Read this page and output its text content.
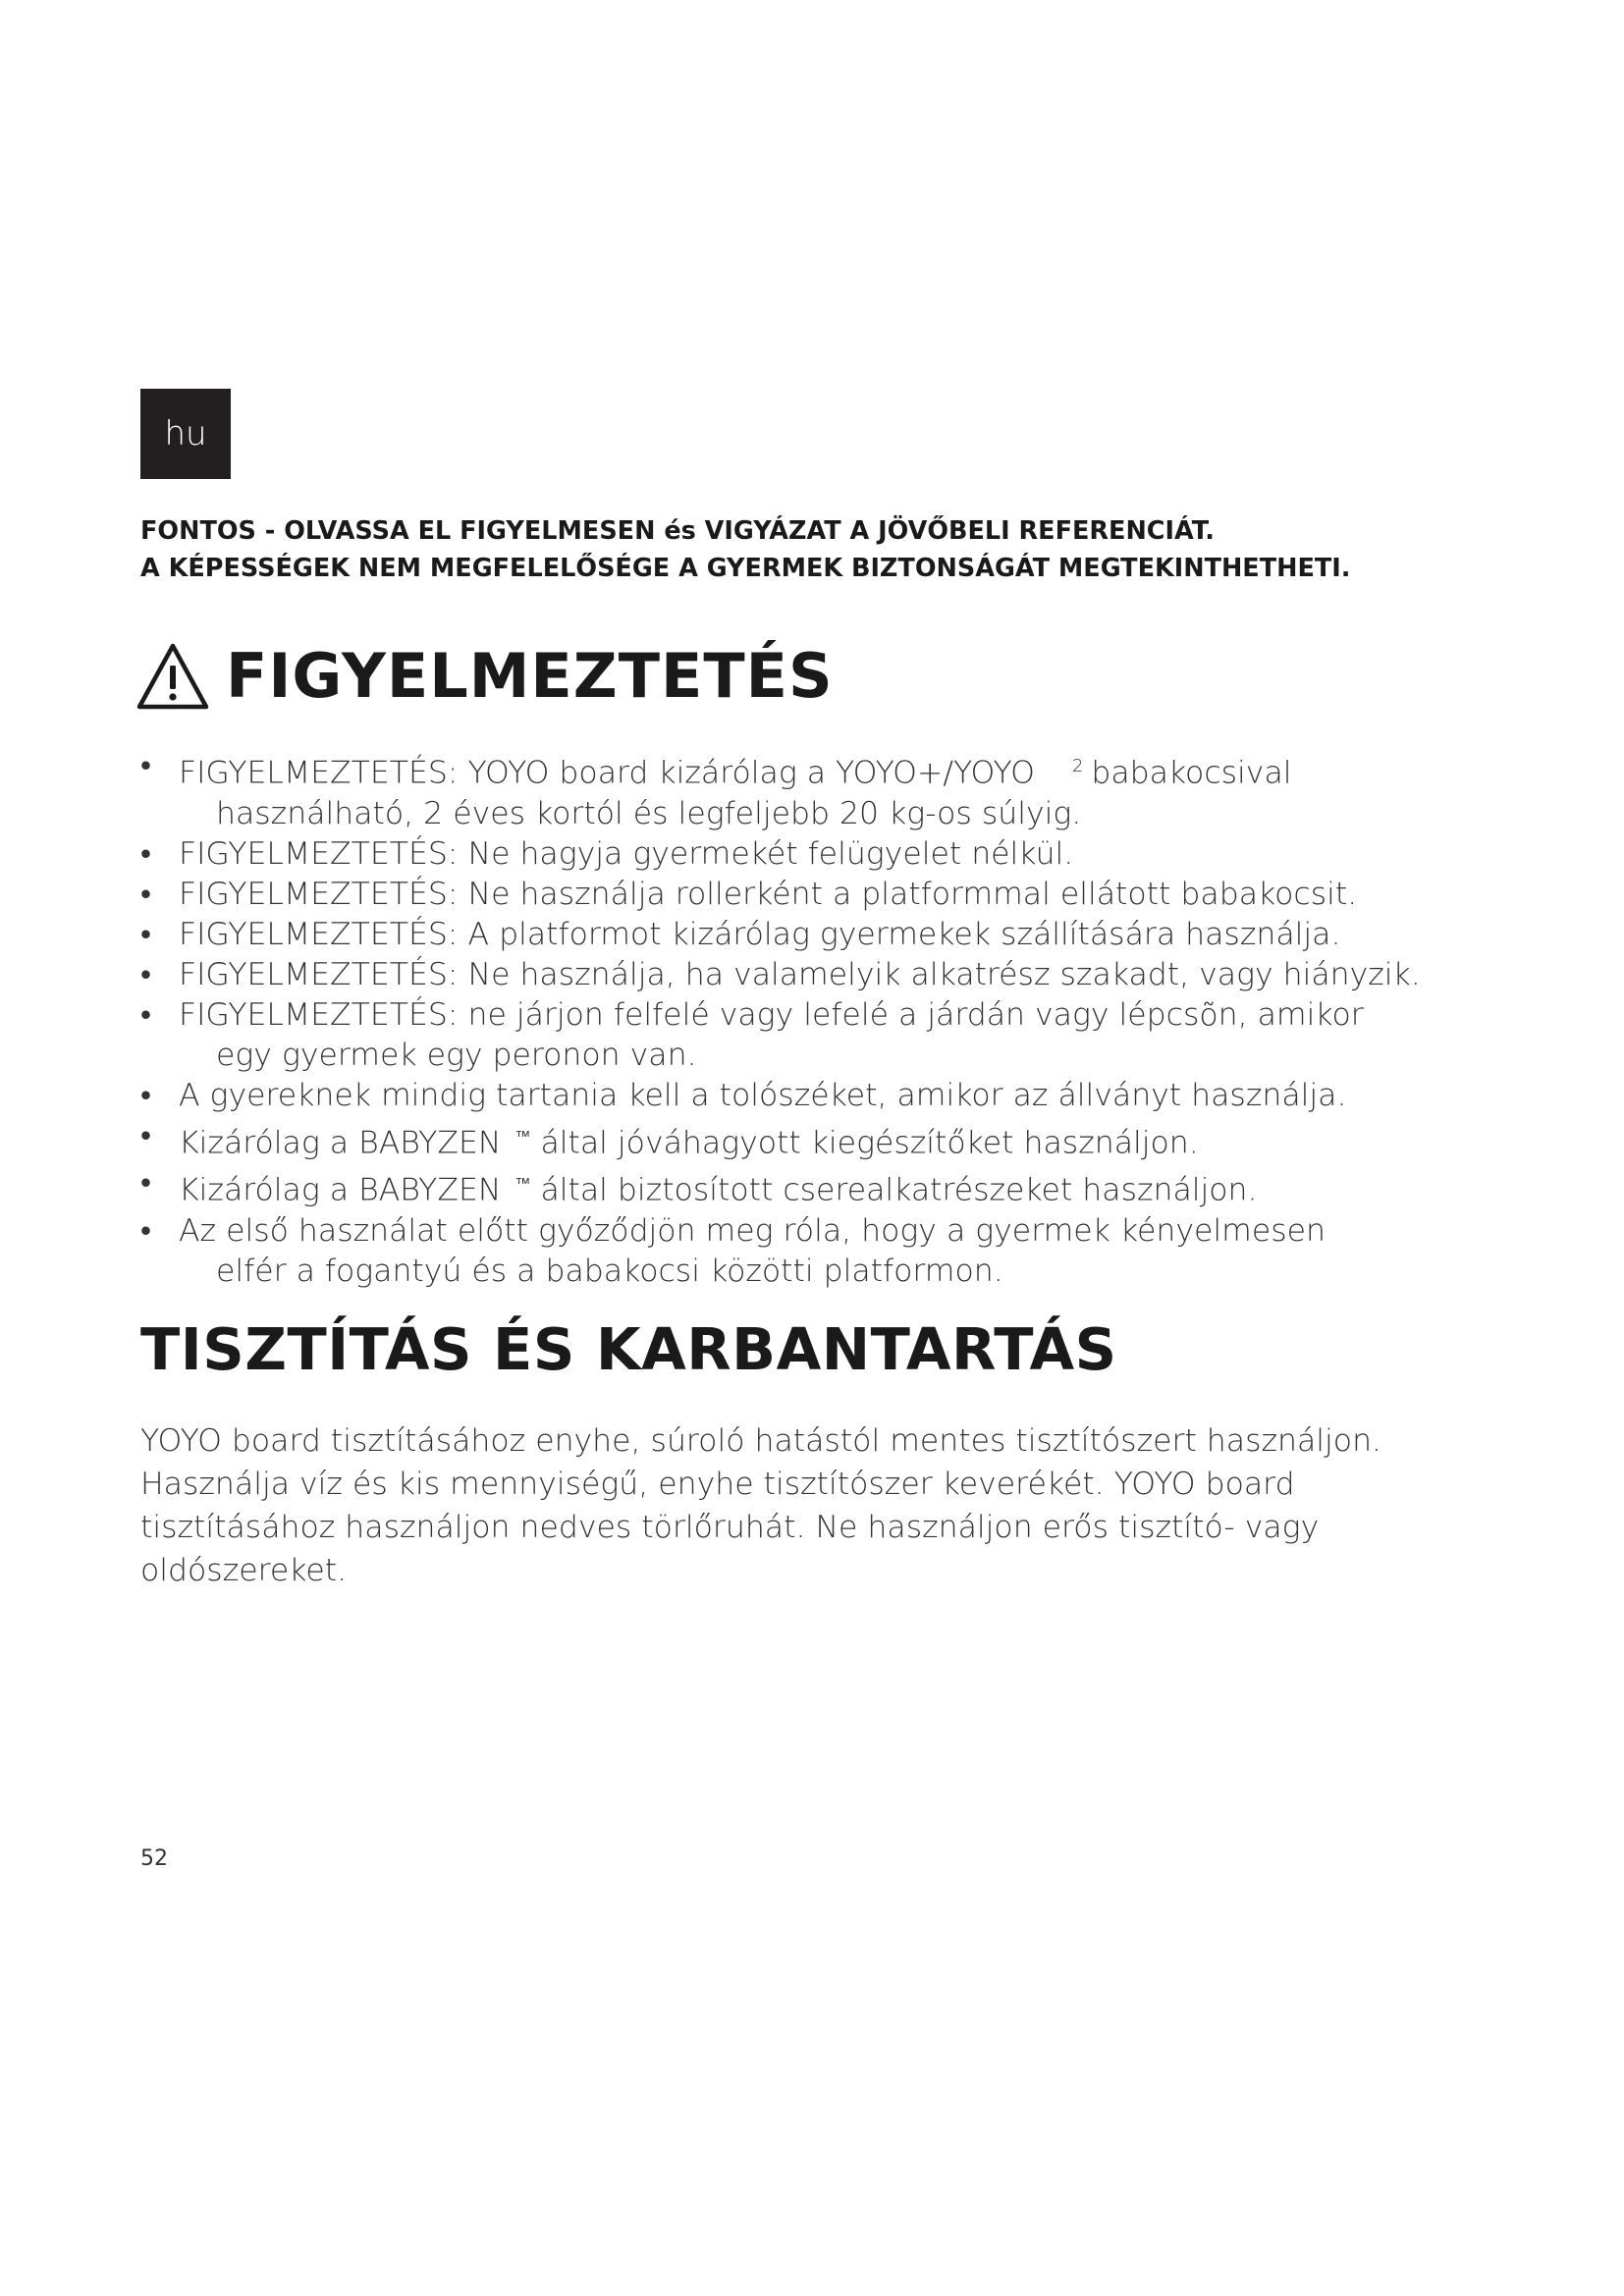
hu
FONTOS - OLVASSA EL FIGYELMESEN és VIGYÁZAT A JÖVŐBELI REFERENCIÁT.
A KÉPESSÉGEK NEM MEGFELELŐSÉGE A GYERMEK BIZTONSÁGÁT MEGTEKINTHETHETI.
FIGYELMEZTETÉS
• FIGYELMEZTETÉS: YOYO board kizárólag a YOYO+/YOYO $^2$ babakocsival
használható, 2 éves kortól és legfeljebb 20 kg-os súlyig.
• FIGYELMEZTETÉS: Ne hagyja gyermekét felügyelet nélkül.
• FIGYELMEZTETÉS: Ne használja rollerként a platformmal ellátott babakocsit.
• FIGYELMEZTETÉS: A platformot kizárólag gyermekek szállítására használja.
• FIGYELMEZTETÉS: Ne használja, ha valamelyik alkatrész szakadt, vagy hiányzik.
• FIGYELMEZTETÉS: ne járjon felfelé vagy lefelé a járdán vagy lépcsõn, amikor
egy gyermek egy peronon van.
• A gyereknek mindig tartania kell a tolószéket, amikor az állványt használja.
• Kizárólag a BABYZEN ™ által jóváhagyott kiegészítőket használjon.
• Kizárólag a BABYZEN ™ által biztosított cserealkatrészeket használjon.
• Az első használat előtt győződjön meg róla, hogy a gyermek kényelmesen
elfér a fogantyú és a babakocsi közötti platformon.
TISZTÍTÁS ÉS KARBANTARTÁS
YOYO board tisztításához enyhe, súroló hatástól mentes tisztítószert használjon.
Használja víz és kis mennyiségű, enyhe tisztítószer keverékét. YOYO board
tisztításához használjon nedves törlőruhát. Ne használjon erős tisztító- vagy
oldószereket.
52
